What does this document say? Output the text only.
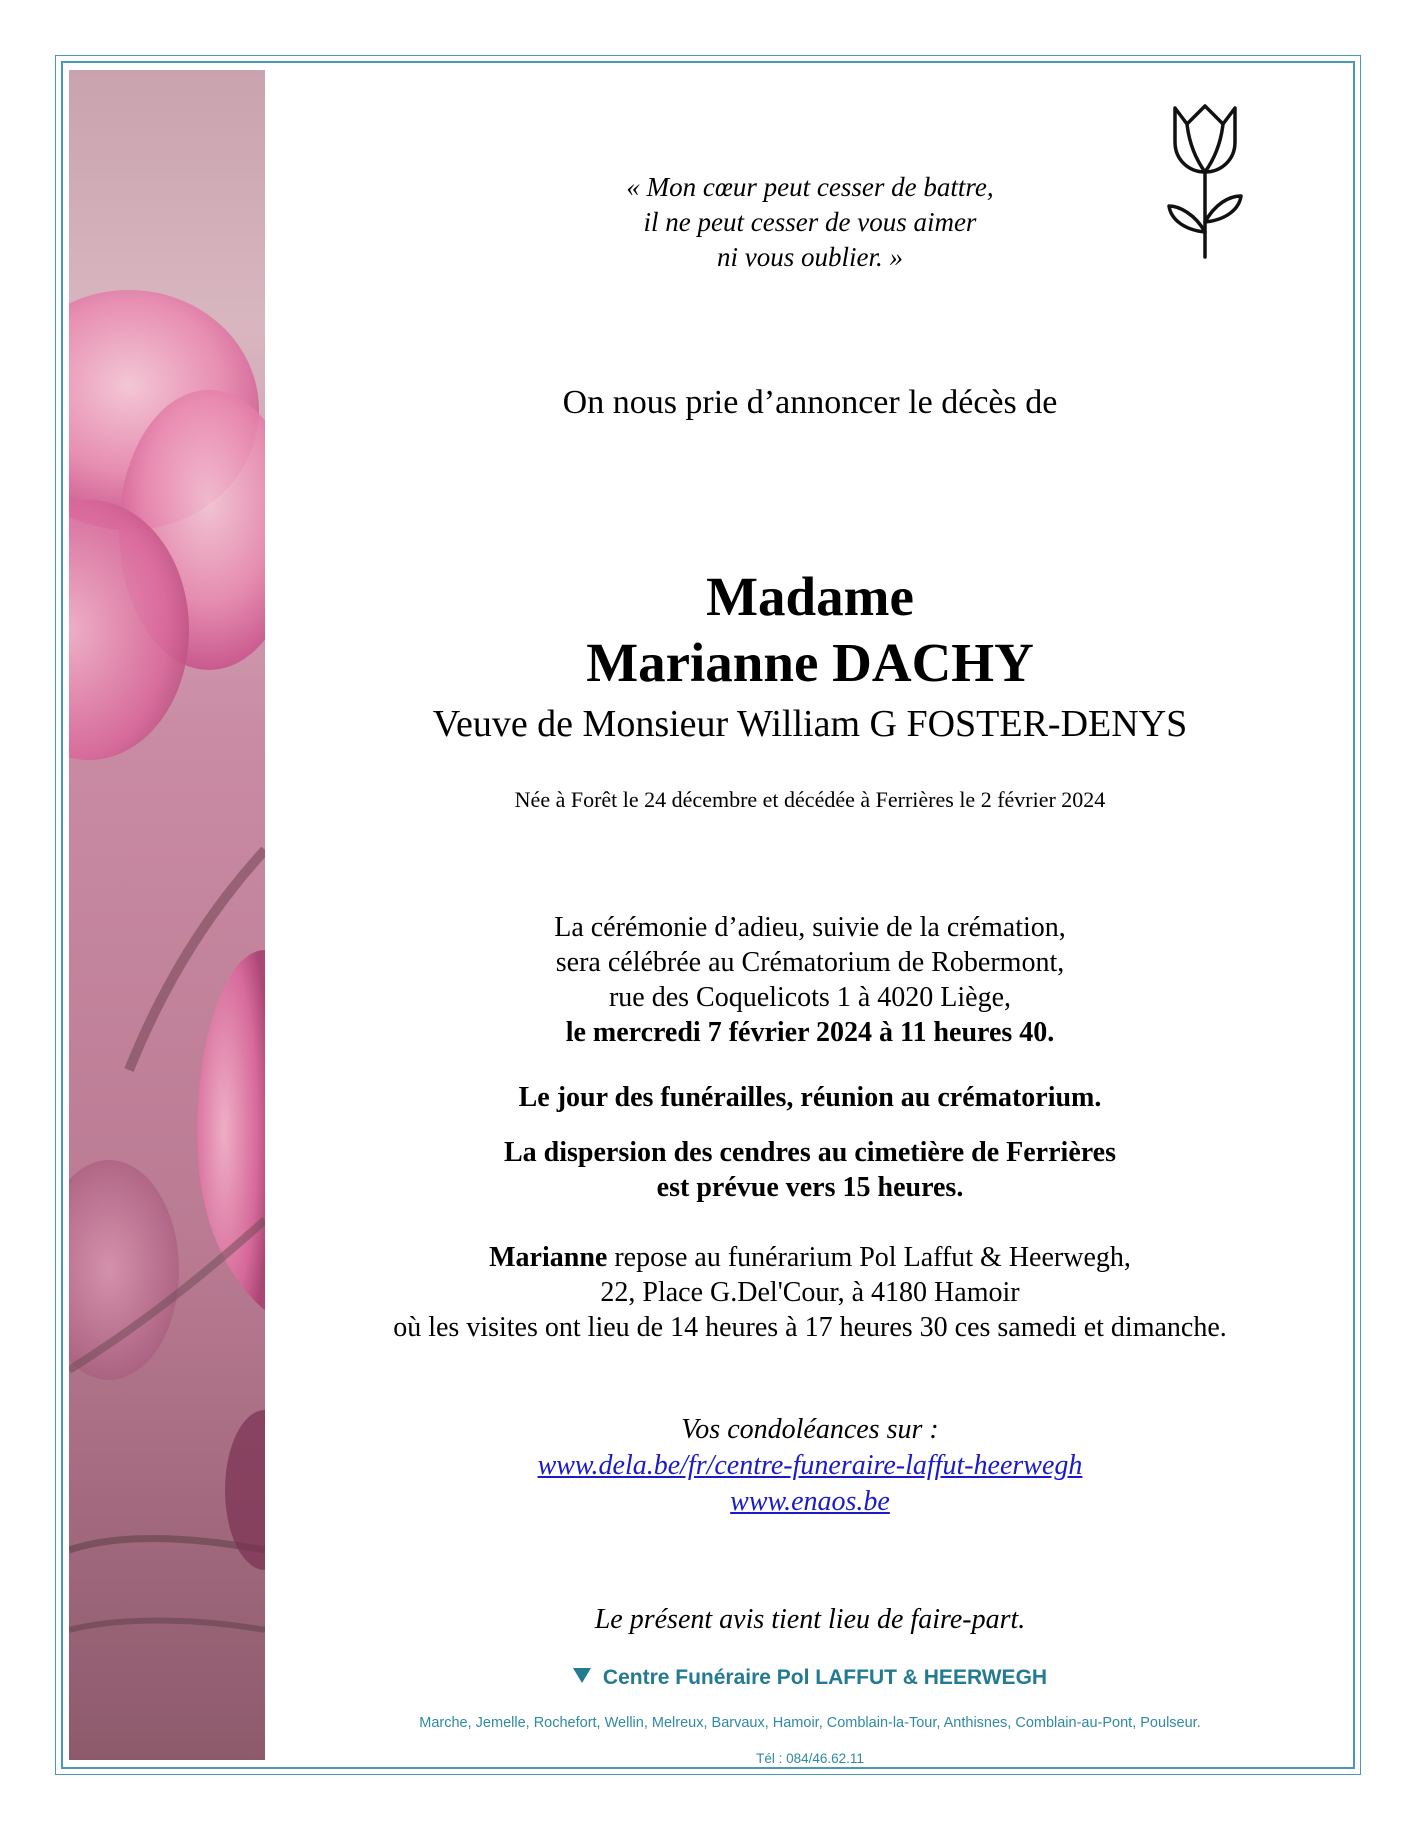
« Mon cœur peut cesser de battre,
il ne peut cesser de vous aimer
ni vous oublier. »
On nous prie d’annoncer le décès de
Madame
Marianne DACHY
Veuve de Monsieur William G FOSTER-DENYS
Née à Forêt le 24 décembre et décédée à Ferrières le 2 février 2024
La cérémonie d’adieu, suivie de la crémation,
sera célébrée au Crématorium de Robermont,
rue des Coquelicots 1 à 4020 Liège,
le mercredi 7 février 2024 à 11 heures 40.
Le jour des funérailles, réunion au crématorium.
La dispersion des cendres au cimetière de Ferrières
est prévue vers 15 heures.
Marianne repose au funérarium Pol Laffut & Heerwegh,
22, Place G.Del'Cour, à 4180 Hamoir
où les visites ont lieu de 14 heures à 17 heures 30 ces samedi et dimanche.
Vos condoléances sur :
www.dela.be/fr/centre-funeraire-laffut-heerwegh
www.enaos.be
Le présent avis tient lieu de faire-part.
Centre Funéraire Pol LAFFUT & HEERWEGH
Marche, Jemelle, Rochefort, Wellin, Melreux, Barvaux, Hamoir, Comblain-la-Tour, Anthisnes, Comblain-au-Pont, Poulseur.
Tél : 084/46.62.11
